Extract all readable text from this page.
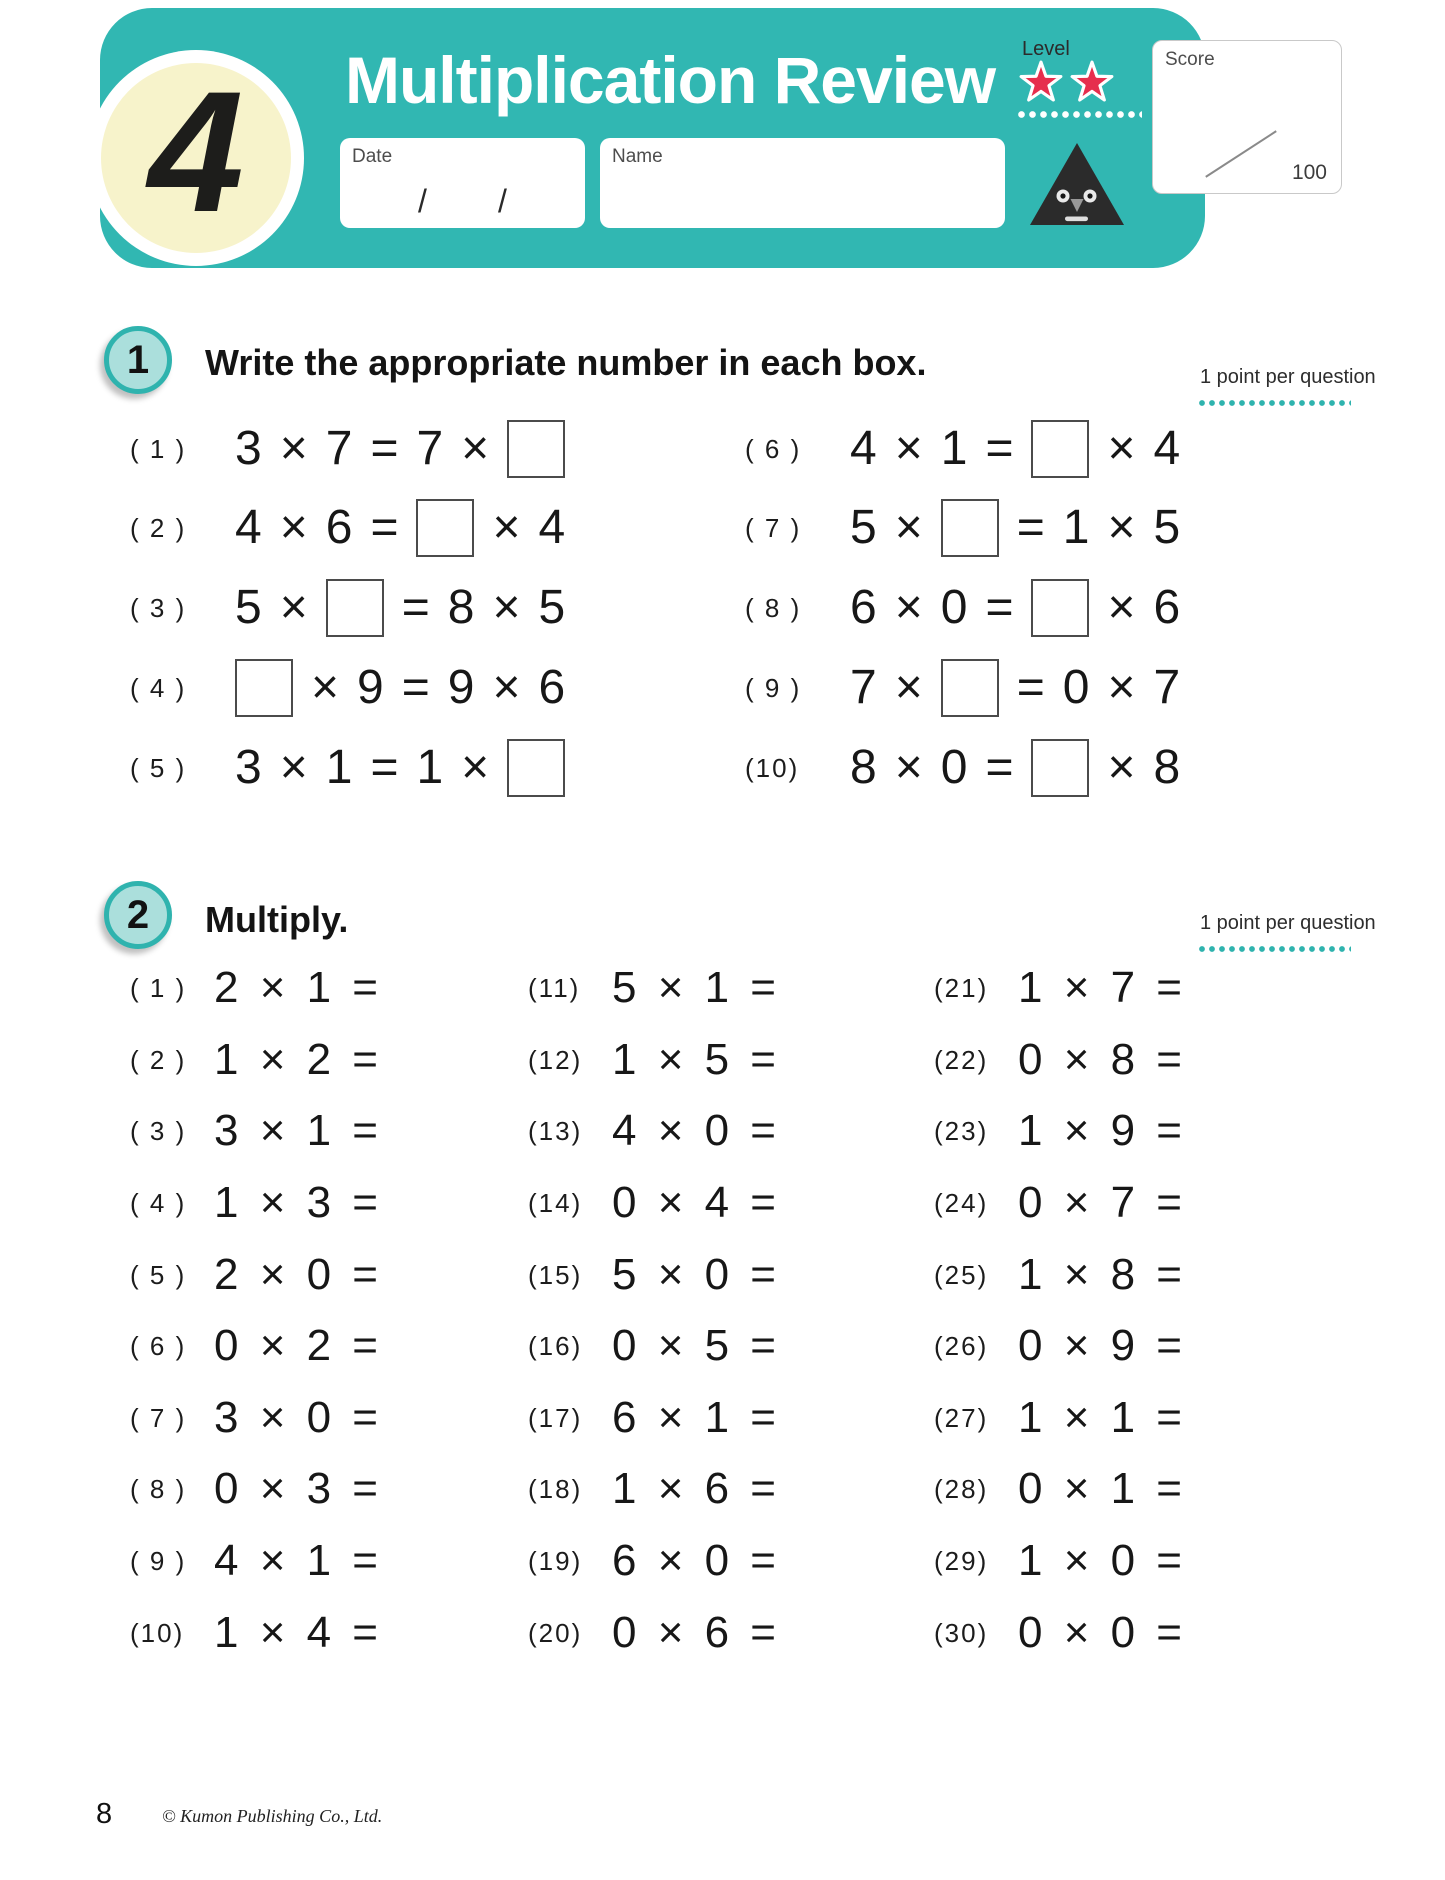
4 Multiplication Review
Date
/ /
Name
Level	Score
100
1 Write the appropriate number in each box.	1 point per question
( 1 )	3 × 7 = 7 ×
( 2 )	4 × 6 = × 4
( 3 )	5 × = 8 × 5
( 4 )	× 9 = 9 × 6
( 5 )	3 × 1 = 1 ×
( 6 )	4 × 1 = × 4
( 7 )	5 × = 1 × 5
( 8 )	6 × 0 = × 6
( 9 )	7 × = 0 × 7
(10)	8 × 0 = × 8
2 Multiply.	1 point per question
( 1 ) 2 × 1 =
( 2 ) 1 × 2 =
( 3 ) 3 × 1 =
( 4 ) 1 × 3 =
( 5 ) 2 × 0 =
( 6 ) 0 × 2 =
( 7 ) 3 × 0 =
( 8 ) 0 × 3 =
( 9 ) 4 × 1 =
(10) 1 × 4 =
(11) 5 × 1 =
(12) 1 × 5 =
(13) 4 × 0 =
(14) 0 × 4 =
(15) 5 × 0 =
(16) 0 × 5 =
(17) 6 × 1 =
(18) 1 × 6 =
(19) 6 × 0 =
(20) 0 × 6 =
(21) 1 × 7 =
(22) 0 × 8 =
(23) 1 × 9 =
(24) 0 × 7 =
(25) 1 × 8 =
(26) 0 × 9 =
(27) 1 × 1 =
(28) 0 × 1 =
(29) 1 × 0 =
(30) 0 × 0 =
8	© Kumon Publishing Co., Ltd.
